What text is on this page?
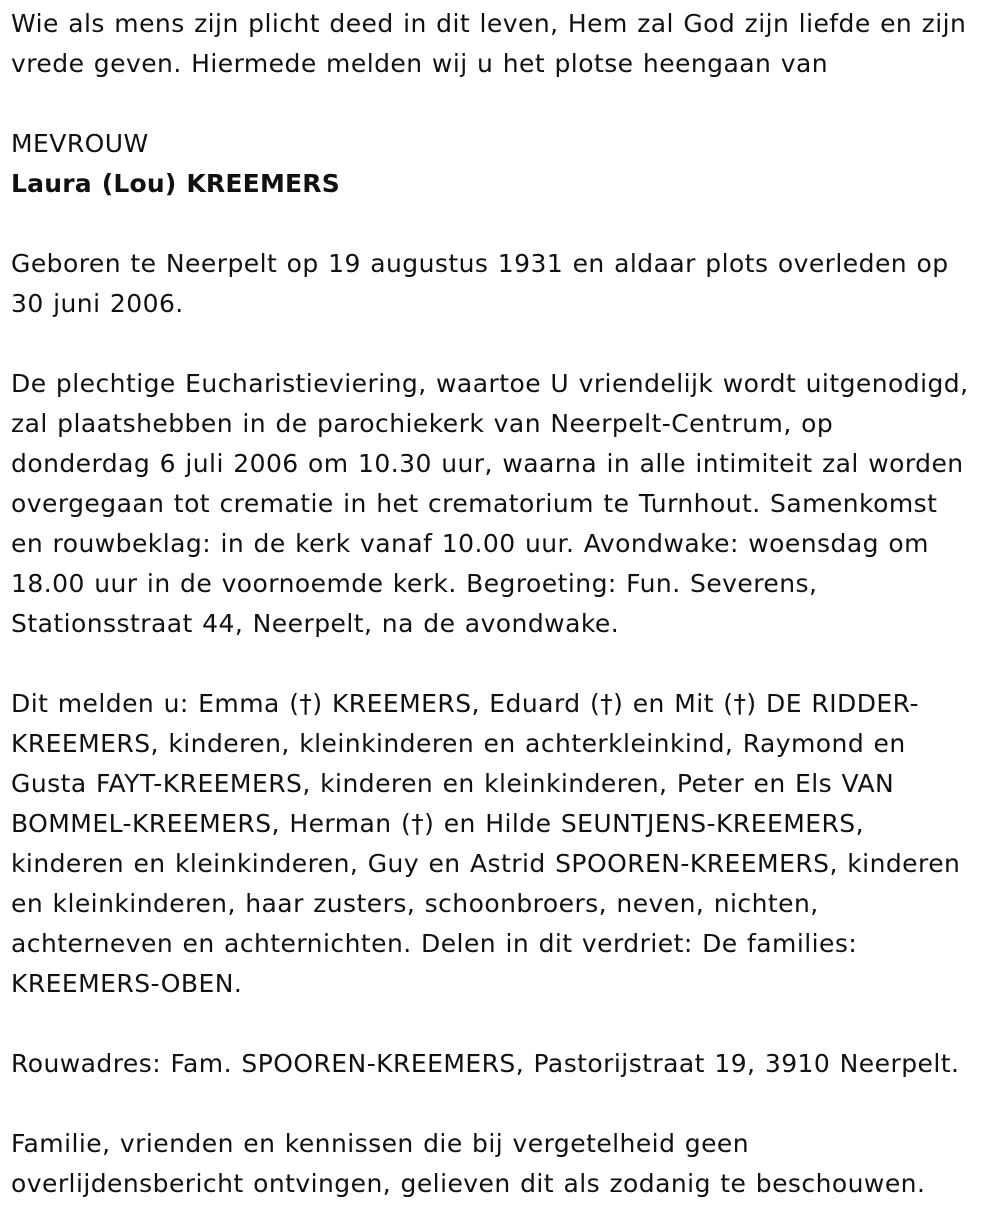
Wie als mens zijn plicht deed in dit leven, Hem zal God zijn liefde en zijn
vrede geven. Hiermede melden wij u het plotse heengaan van

MEVROUW
Laura (Lou) KREEMERS

Geboren te Neerpelt op 19 augustus 1931 en aldaar plots overleden op
30 juni 2006.

De plechtige Eucharistieviering, waartoe U vriendelijk wordt uitgenodigd,
zal plaatshebben in de parochiekerk van Neerpelt-Centrum, op
donderdag 6 juli 2006 om 10.30 uur, waarna in alle intimiteit zal worden
overgegaan tot crematie in het crematorium te Turnhout. Samenkomst
en rouwbeklag: in de kerk vanaf 10.00 uur. Avondwake: woensdag om
18.00 uur in de voornoemde kerk. Begroeting: Fun. Severens,
Stationsstraat 44, Neerpelt, na de avondwake.

Dit melden u: Emma (†) KREEMERS, Eduard (†) en Mit (†) DE RIDDER-
KREEMERS, kinderen, kleinkinderen en achterkleinkind, Raymond en
Gusta FAYT-KREEMERS, kinderen en kleinkinderen, Peter en Els VAN
BOMMEL-KREEMERS, Herman (†) en Hilde SEUNTJENS-KREEMERS,
kinderen en kleinkinderen, Guy en Astrid SPOOREN-KREEMERS, kinderen
en kleinkinderen, haar zusters, schoonbroers, neven, nichten,
achterneven en achternichten. Delen in dit verdriet: De families:
KREEMERS-OBEN.

Rouwadres: Fam. SPOOREN-KREEMERS, Pastorijstraat 19, 3910 Neerpelt.

Familie, vrienden en kennissen die bij vergetelheid geen
overlijdensbericht ontvingen, gelieven dit als zodanig te beschouwen.
